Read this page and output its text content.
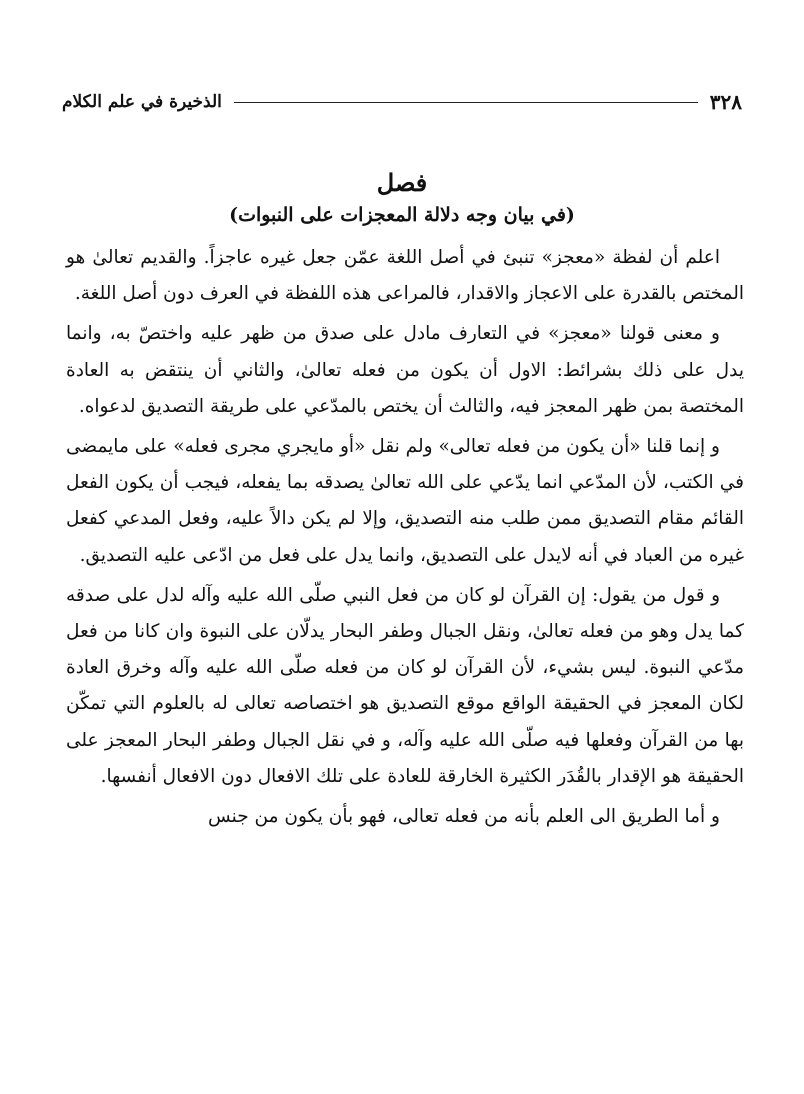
٣٢٨
الذخيرة في علم الكلام
فصل
(في بيان وجه دلالة المعجزات على النبوات)

اعلم أن لفظة «معجز» تنبئ في أصل اللغة عمّن جعل غيره عاجزاً. والقديم تعالىٰ هو المختص بالقدرة على الاعجاز والاقدار، فالمراعى هذه اللفظة في العرف دون أصل اللغة.

و معنى قولنا «معجز» في التعارف مادل على صدق من ظهر عليه واختصّ به، وانما يدل على ذلك بشرائط: الاول أن يكون من فعله تعالىٰ، والثاني أن ينتقض به العادة المختصة بمن ظهر المعجز فيه، والثالث أن يختص بالمدّعي على طريقة التصديق لدعواه.

و إنما قلنا «أن يكون من فعله تعالى» ولم نقل «أو مايجري مجرى فعله» على مايمضى في الكتب، لأن المدّعي انما يدّعي على الله تعالىٰ يصدقه بما يفعله، فيجب أن يكون الفعل القائم مقام التصديق ممن طلب منه التصديق، وإلا لم يكن دالاً عليه، وفعل المدعي كفعل غيره من العباد في أنه لايدل على التصديق، وانما يدل على فعل من ادّعى عليه التصديق.

و قول من يقول: إن القرآن لو كان من فعل النبي صلّى الله عليه وآله لدل على صدقه كما يدل وهو من فعله تعالىٰ، ونقل الجبال وطفر البحار يدلّان على النبوة وان كانا من فعل مدّعي النبوة. ليس بشيء، لأن القرآن لو كان من فعله صلّى الله عليه وآله وخرق العادة لكان المعجز في الحقيقة الواقع موقع التصديق هو اختصاصه تعالى له بالعلوم التي تمكّن بها من القرآن وفعلها فيه صلّى الله عليه وآله، و في نقل الجبال وطفر البحار المعجز على الحقيقة هو الإقدار بالقُدَر الكثيرة الخارقة للعادة على تلك الافعال دون الافعال أنفسها.

و أما الطريق الى العلم بأنه من فعله تعالى، فهو بأن يكون من جنس
